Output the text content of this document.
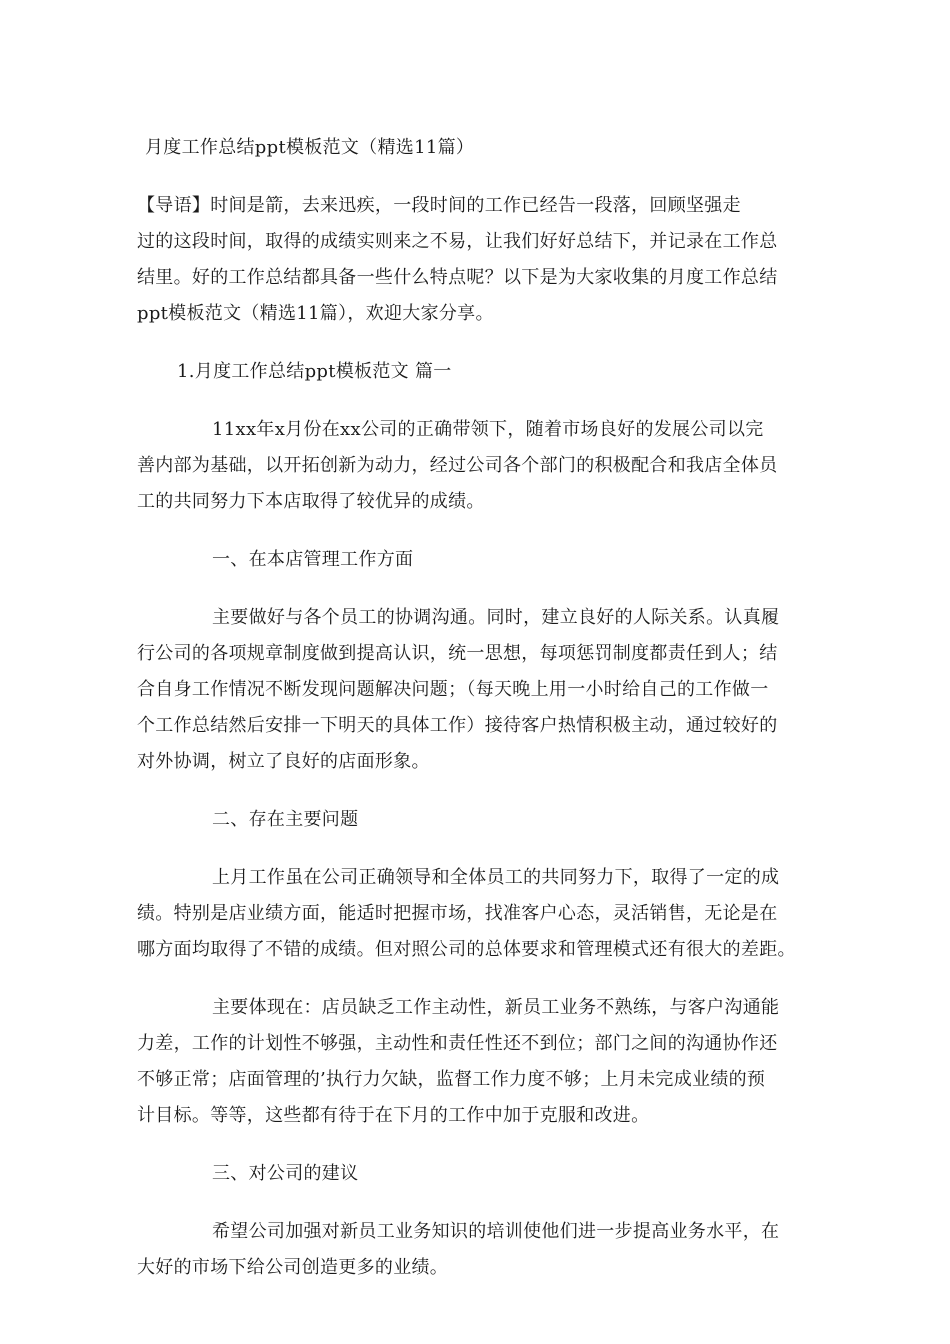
月度工作总结ppt模板范文（精选11篇）
【导语】时间是箭，去来迅疾，一段时间的工作已经告一段落，回顾坚强走
过的这段时间，取得的成绩实则来之不易，让我们好好总结下，并记录在工作总
结里。好的工作总结都具备一些什么特点呢？以下是为大家收集的月度工作总结
ppt模板范文（精选11篇），欢迎大家分享。
1.月度工作总结ppt模板范文 篇一
11xx年x月份在xx公司的正确带领下，随着市场良好的发展公司以完
善内部为基础，以开拓创新为动力，经过公司各个部门的积极配合和我店全体员
工的共同努力下本店取得了较优异的成绩。
一、在本店管理工作方面
主要做好与各个员工的协调沟通。同时，建立良好的人际关系。认真履
行公司的各项规章制度做到提高认识，统一思想，每项惩罚制度都责任到人；结
合自身工作情况不断发现问题解决问题；（每天晚上用一小时给自己的工作做一
个工作总结然后安排一下明天的具体工作）接待客户热情积极主动，通过较好的
对外协调，树立了良好的店面形象。
二、存在主要问题
上月工作虽在公司正确领导和全体员工的共同努力下，取得了一定的成
绩。特别是店业绩方面，能适时把握市场，找准客户心态，灵活销售，无论是在
哪方面均取得了不错的成绩。但对照公司的总体要求和管理模式还有很大的差距。
主要体现在：店员缺乏工作主动性，新员工业务不熟练，与客户沟通能
力差，工作的计划性不够强，主动性和责任性还不到位；部门之间的沟通协作还
不够正常；店面管理的’执行力欠缺，监督工作力度不够；上月未完成业绩的预
计目标。等等，这些都有待于在下月的工作中加于克服和改进。
三、对公司的建议
希望公司加强对新员工业务知识的培训使他们进一步提高业务水平，在
大好的市场下给公司创造更多的业绩。
